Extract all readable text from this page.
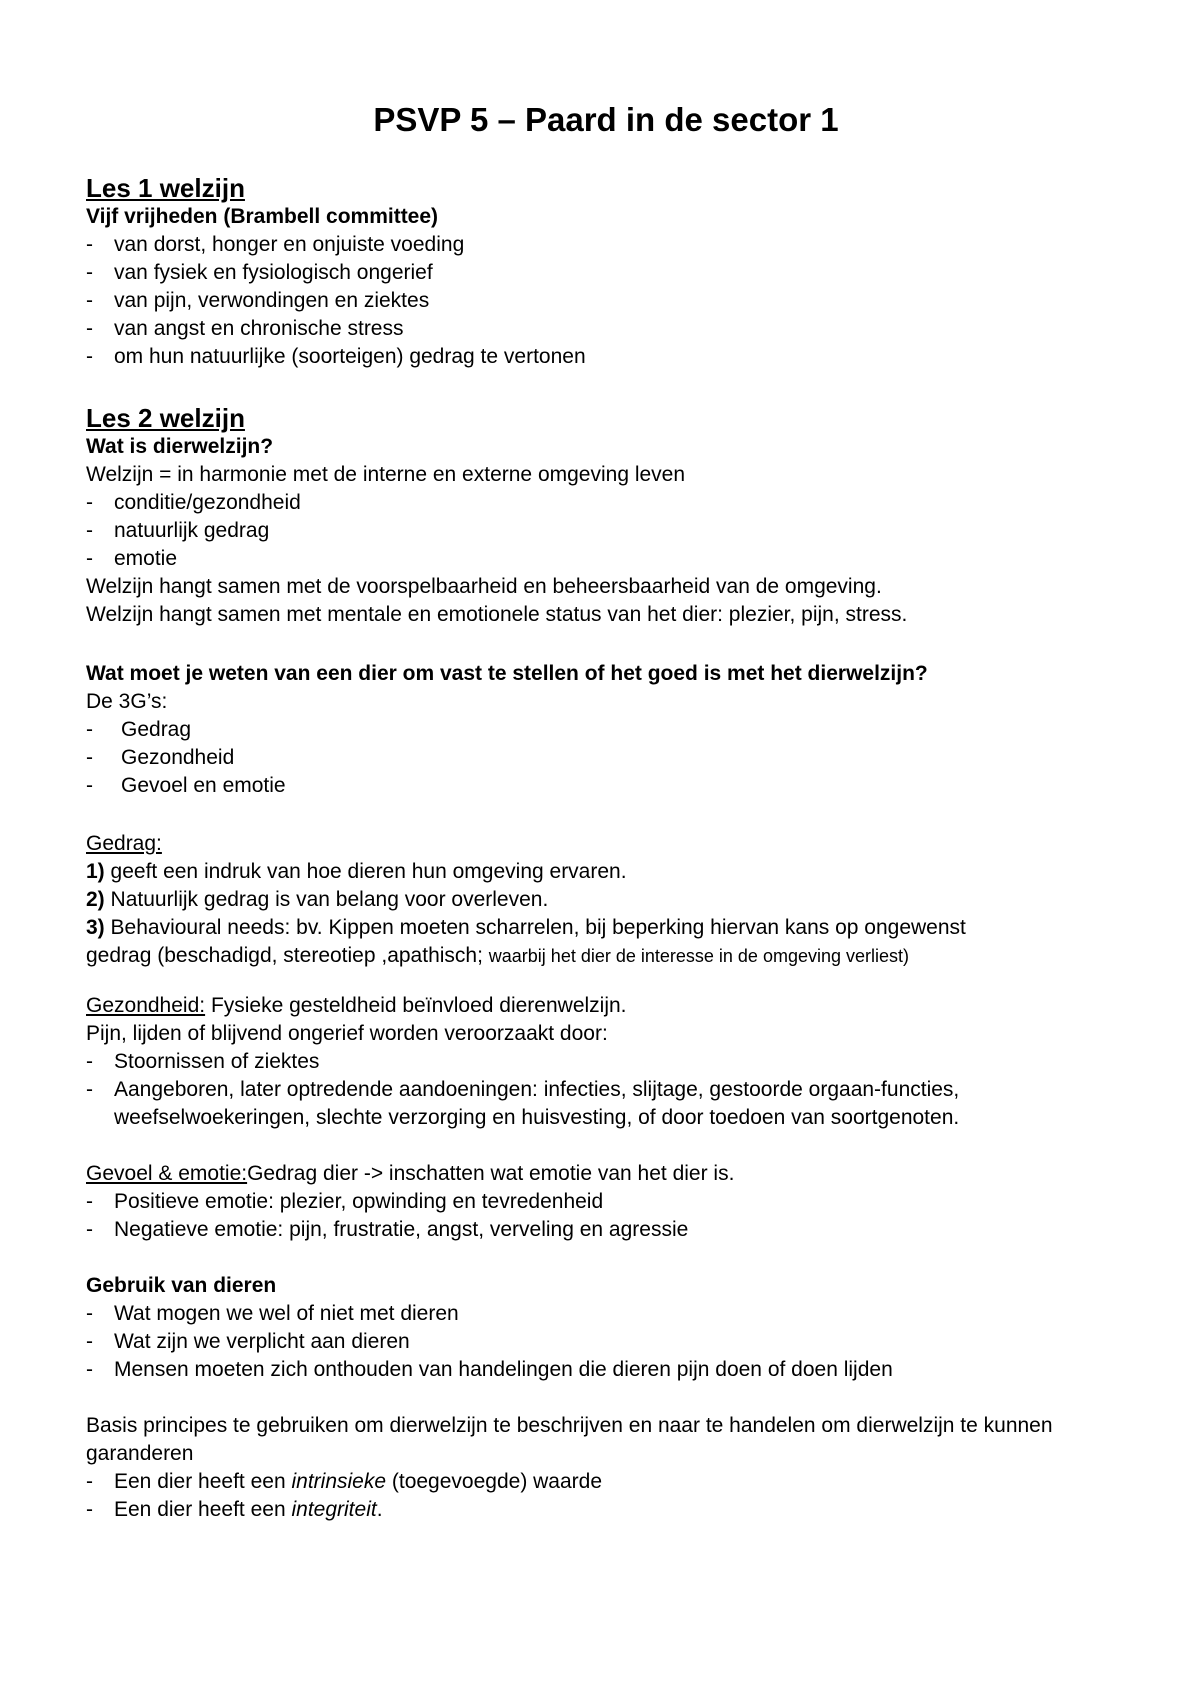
PSVP 5 – Paard in de sector 1
Les 1 welzijn
Vijf vrijheden (Brambell committee)
- van dorst, honger en onjuiste voeding
- van fysiek en fysiologisch ongerief
- van pijn, verwondingen en ziektes
- van angst en chronische stress
- om hun natuurlijke (soorteigen) gedrag te vertonen
Les 2 welzijn
Wat is dierwelzijn?
Welzijn = in harmonie met de interne en externe omgeving leven
- conditie/gezondheid
- natuurlijk gedrag
- emotie
Welzijn hangt samen met de voorspelbaarheid en beheersbaarheid van de omgeving.
Welzijn hangt samen met mentale en emotionele status van het dier: plezier, pijn, stress.
Wat moet je weten van een dier om vast te stellen of het goed is met het dierwelzijn?
De 3G’s:
- Gedrag
- Gezondheid
- Gevoel en emotie
Gedrag:
1) geeft een indruk van hoe dieren hun omgeving ervaren.
2) Natuurlijk gedrag is van belang voor overleven.
3) Behavioural needs: bv. Kippen moeten scharrelen, bij beperking hiervan kans op ongewenst
gedrag (beschadigd, stereotiep ,apathisch; waarbij het dier de interesse in de omgeving verliest)
Gezondheid: Fysieke gesteldheid beïnvloed dierenwelzijn.
Pijn, lijden of blijvend ongerief worden veroorzaakt door:
- Stoornissen of ziektes
- Aangeboren, later optredende aandoeningen: infecties, slijtage, gestoorde orgaan-functies, weefselwoekeringen, slechte verzorging en huisvesting, of door toedoen van soortgenoten.
Gevoel & emotie:Gedrag dier -> inschatten wat emotie van het dier is.
- Positieve emotie: plezier, opwinding en tevredenheid
- Negatieve emotie: pijn, frustratie, angst, verveling en agressie
Gebruik van dieren
- Wat mogen we wel of niet met dieren
- Wat zijn we verplicht aan dieren
- Mensen moeten zich onthouden van handelingen die dieren pijn doen of doen lijden
Basis principes te gebruiken om dierwelzijn te beschrijven en naar te handelen om dierwelzijn te kunnen garanderen
- Een dier heeft een intrinsieke (toegevoegde) waarde
- Een dier heeft een integriteit.
